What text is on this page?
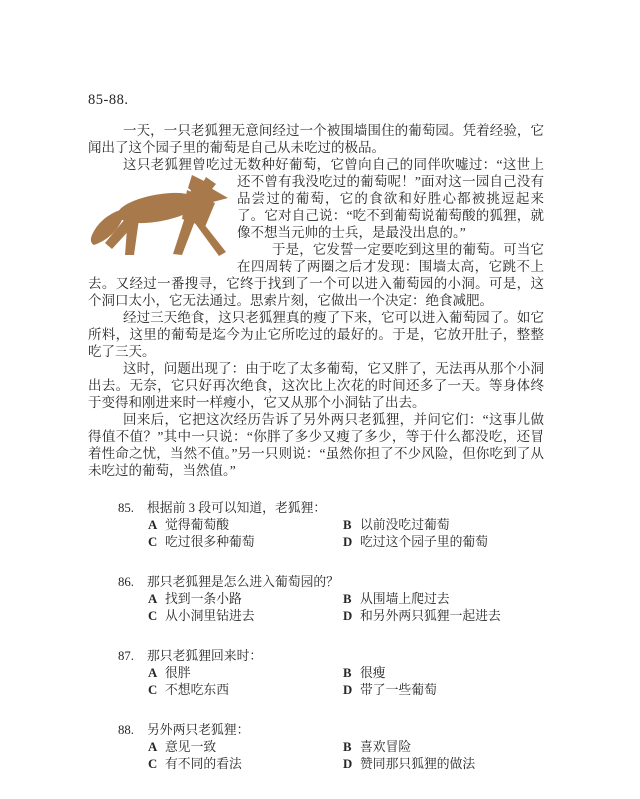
85-88.

一天，一只老狐狸无意间经过一个被围墙围住的葡萄园。凭着经验，它闻出了这个园子里的葡萄是自己从未吃过的极品。

这只老狐狸曾吃过无数种好葡萄，它曾向自己的同伴吹嘘过：“这世上还不
曾有我没吃过的葡萄呢！”面对这一园自己没有品尝过的葡萄，它的食欲和好胜心都被挑逗起来了。它对自己说：“吃不到葡萄说葡萄酸的狐狸，就像不想当元帅的士兵，是最没出息的。”

于是，它发誓一定要吃到这里的葡萄。可当它在四周转了两圈之后才发现：围墙太高，它跳不上去。又经过一番搜寻，它终于找到了一个可以进入葡萄园的小洞。可是，这个洞口太小，它无法通过。思索片刻，它做出一个决定：绝食减肥。

经过三天绝食，这只老狐狸真的瘦了下来，它可以进入葡萄园了。如它所料，这里的葡萄是迄今为止它所吃过的最好的。于是，它放开肚子，整整吃了三天。

这时，问题出现了：由于吃了太多葡萄，它又胖了，无法再从那个小洞出去。无奈，它只好再次绝食，这次比上次花的时间还多了一天。等身体终于变得和刚进来时一样瘦小，它又从那个小洞钻了出去。

回来后，它把这次经历告诉了另外两只老狐狸，并问它们：“这事儿做得值不值？”其中一只说：“你胖了多少又瘦了多少，等于什么都没吃，还冒着性命之忧，当然不值。”另一只则说：“虽然你担了不少风险，但你吃到了从未吃过的葡萄，当然值。”

85. 根据前 3 段可以知道，老狐狸：
A 觉得葡萄酸	B 以前没吃过葡萄
C 吃过很多种葡萄	D 吃过这个园子里的葡萄
86. 那只老狐狸是怎么进入葡萄园的？
A 找到一条小路	B 从围墙上爬过去
C 从小洞里钻进去	D 和另外两只狐狸一起进去
87. 那只老狐狸回来时：
A 很胖	B 很瘦
C 不想吃东西	D 带了一些葡萄
88. 另外两只老狐狸：
A 意见一致	B 喜欢冒险
C 有不同的看法	D 赞同那只狐狸的做法
